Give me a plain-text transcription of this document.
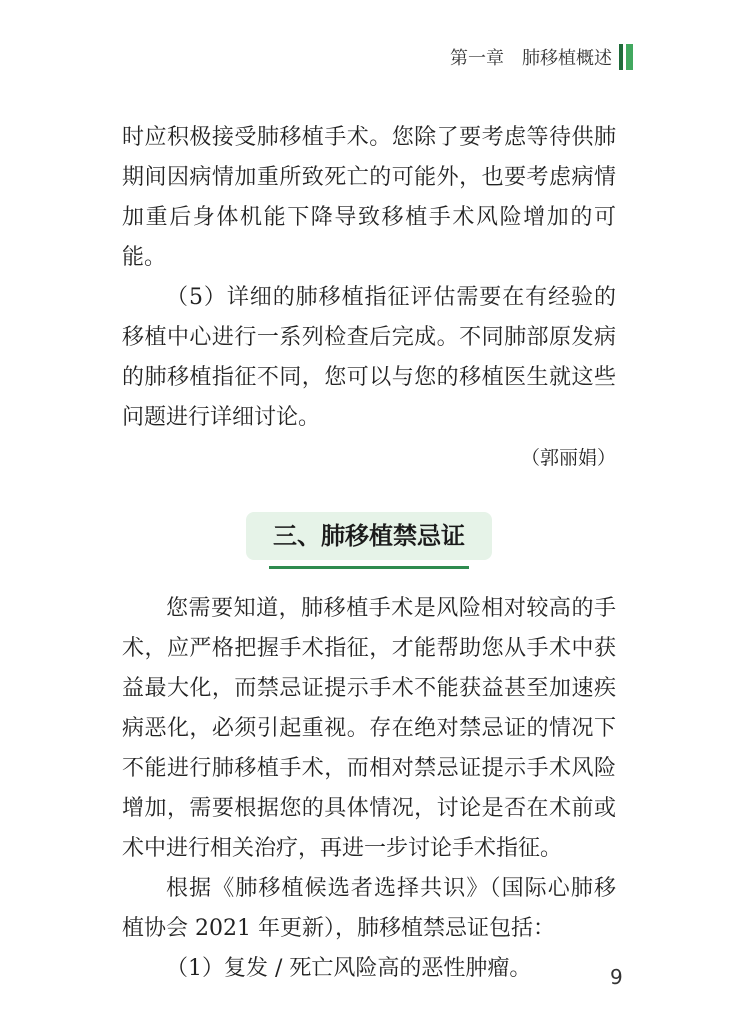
第一章 肺移植概述

时应积极接受肺移植手术。您除了要考虑等待供肺期间因病情加重所致死亡的可能外，也要考虑病情加重后身体机能下降导致移植手术风险增加的可能。

（5）详细的肺移植指征评估需要在有经验的移植中心进行一系列检查后完成。不同肺部原发病的肺移植指征不同，您可以与您的移植医生就这些问题进行详细讨论。

（郭丽娟）

三、肺移植禁忌证

您需要知道，肺移植手术是风险相对较高的手术，应严格把握手术指征，才能帮助您从手术中获益最大化，而禁忌证提示手术不能获益甚至加速疾病恶化，必须引起重视。存在绝对禁忌证的情况下不能进行肺移植手术，而相对禁忌证提示手术风险增加，需要根据您的具体情况，讨论是否在术前或术中进行相关治疗，再进一步讨论手术指征。

根据《肺移植候选者选择共识》（国际心肺移植协会 2021 年更新），肺移植禁忌证包括：

（1）复发 / 死亡风险高的恶性肿瘤。	9
